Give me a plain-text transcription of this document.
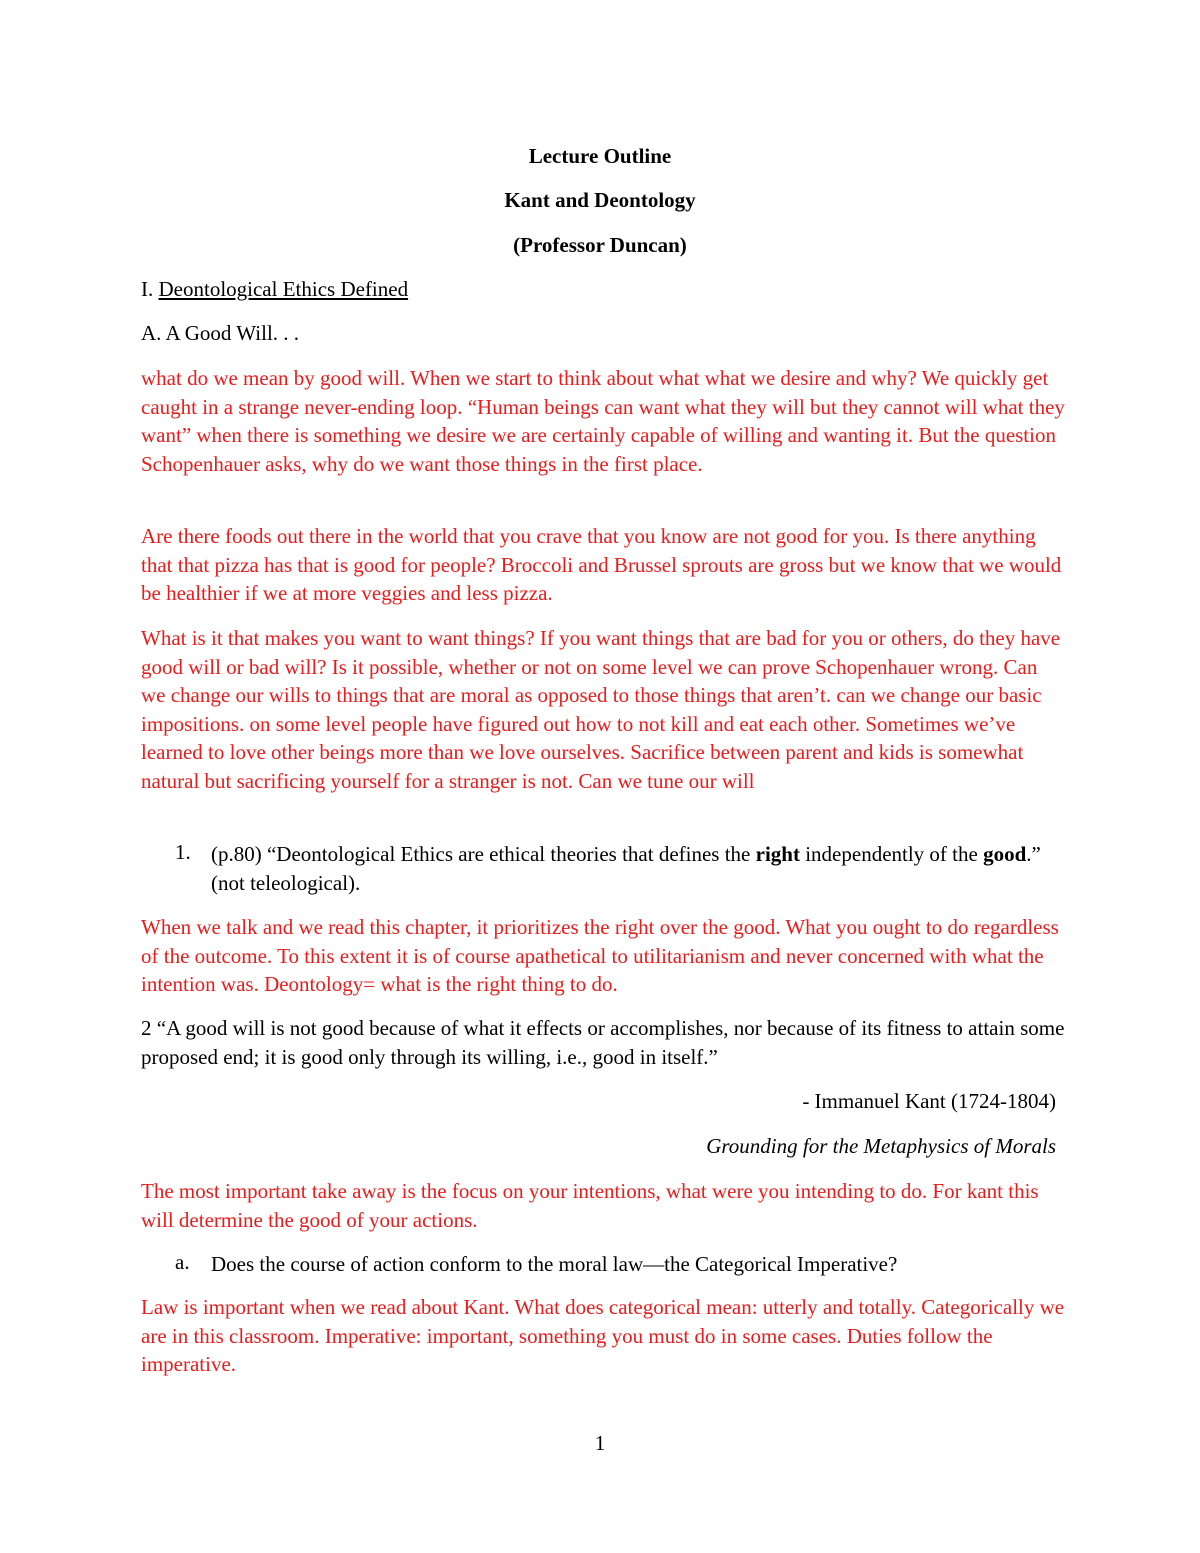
Lecture Outline

Kant and Deontology

(Professor Duncan)

I. Deontological Ethics Defined

A. A Good Will. . .

what do we mean by good will. When we start to think about what what we desire and why? We quickly get caught in a strange never-ending loop. “Human beings can want what they will but they cannot will what they want” when there is something we desire we are certainly capable of willing and wanting it. But the question Schopenhauer asks, why do we want those things in the first place.

Are there foods out there in the world that you crave that you know are not good for you. Is there anything that that pizza has that is good for people? Broccoli and Brussel sprouts are gross but we know that we would be healthier if we at more veggies and less pizza.

What is it that makes you want to want things? If you want things that are bad for you or others, do they have good will or bad will? Is it possible, whether or not on some level we can prove Schopenhauer wrong. Can we change our wills to things that are moral as opposed to those things that aren’t. can we change our basic impositions. on some level people have figured out how to not kill and eat each other. Sometimes we’ve learned to love other beings more than we love ourselves. Sacrifice between parent and kids is somewhat natural but sacrificing yourself for a stranger is not. Can we tune our will

1. (p.80) “Deontological Ethics are ethical theories that defines the right independently of the good.” (not teleological).

When we talk and we read this chapter, it prioritizes the right over the good. What you ought to do regardless of the outcome. To this extent it is of course apathetical to utilitarianism and never concerned with what the intention was. Deontology= what is the right thing to do.

2 “A good will is not good because of what it effects or accomplishes, nor because of its fitness to attain some proposed end; it is good only through its willing, i.e., good in itself.”

- Immanuel Kant (1724-1804)

Grounding for the Metaphysics of Morals

The most important take away is the focus on your intentions, what were you intending to do. For kant this will determine the good of your actions.

a. Does the course of action conform to the moral law—the Categorical Imperative?

Law is important when we read about Kant. What does categorical mean: utterly and totally. Categorically we are in this classroom. Imperative: important, something you must do in some cases. Duties follow the imperative.

1
